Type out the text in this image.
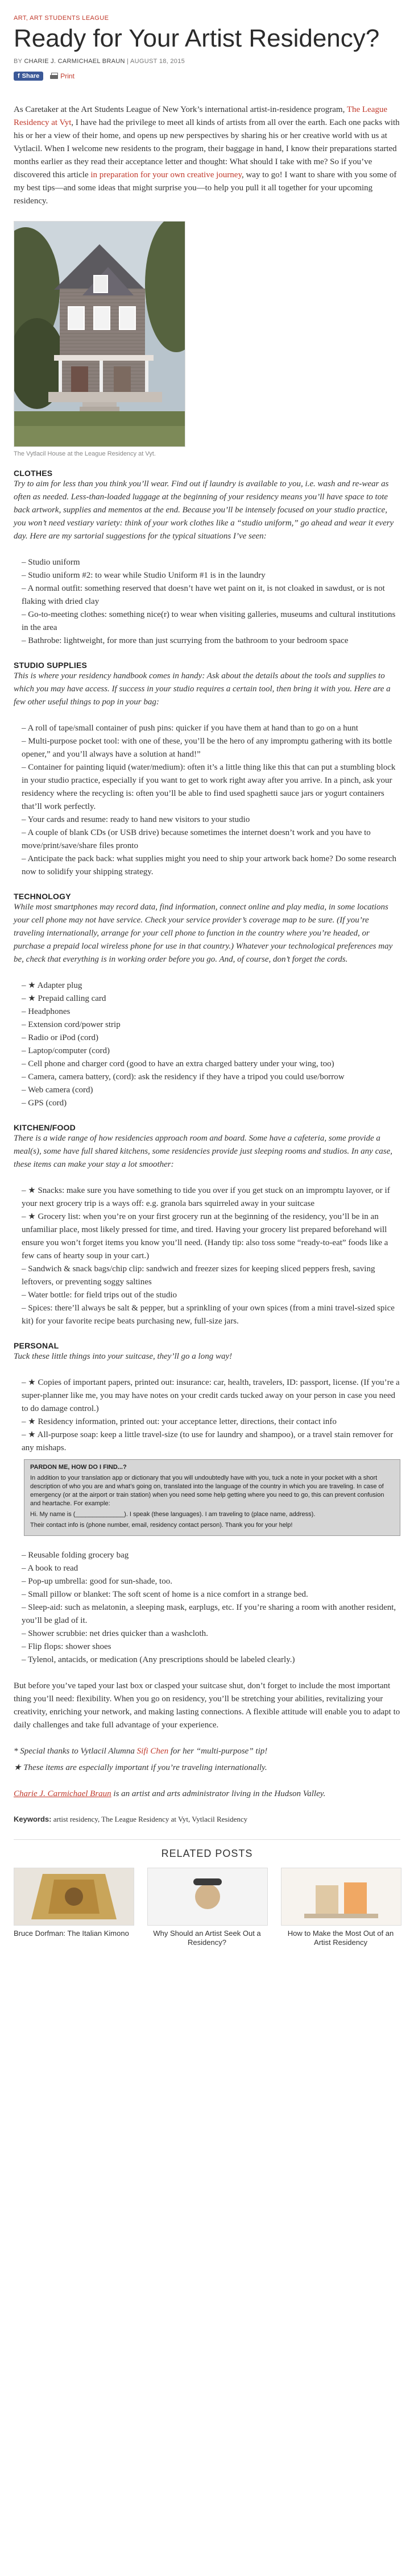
ART, ART STUDENTS LEAGUE
Ready for Your Artist Residency?
BY CHARIE J. CARMICHAEL BRAUN | AUGUST 18, 2015
f Share	Print

As Caretaker at the Art Students League of New York’s international artist-in-residence program, The League Residency at Vyt, I have had the privilege to meet all kinds of artists from all over the earth. Each one packs with his or her a view of their home, and opens up new perspectives by sharing his or her creative world with us at Vytlacil. When I welcome new residents to the program, their baggage in hand, I know their preparations started months earlier as they read their acceptance letter and thought: What should I take with me? So if you’ve discovered this article in preparation for your own creative journey, way to go! I want to share with you some of my best tips—and some ideas that might surprise you—to help you pull it all together for your upcoming residency.

The Vytlacil House at the League Residency at Vyt.
CLOTHES

Try to aim for less than you think you’ll wear. Find out if laundry is available to you, i.e. wash and re-wear as often as needed. Less-than-loaded luggage at the beginning of your residency means you’ll have space to tote back artwork, supplies and mementos at the end. Because you’ll be intensely focused on your studio practice, you won’t need vestiary variety: think of your work clothes like a “studio uniform,” go ahead and wear it every day. Here are my sartorial suggestions for the typical situations I’ve seen:

– Studio uniform
– Studio uniform #2: to wear while Studio Uniform #1 is in the laundry
– A normal outfit: something reserved that doesn’t have wet paint on it, is not cloaked in sawdust, or is not flaking with dried clay
– Go-to-meeting clothes: something nice(r) to wear when visiting galleries, museums and cultural institutions in the area
– Bathrobe: lightweight, for more than just scurrying from the bathroom to your bedroom space
STUDIO SUPPLIES

This is where your residency handbook comes in handy: Ask about the details about the tools and supplies to which you may have access. If success in your studio requires a certain tool, then bring it with you. Here are a few other useful things to pop in your bag:

– A roll of tape/small container of push pins: quicker if you have them at hand than to go on a hunt
– Multi-purpose pocket tool: with one of these, you’ll be the hero of any impromptu gathering with its bottle opener,” and you’ll always have a solution at hand!”
– Container for painting liquid (water/medium): often it’s a little thing like this that can put a stumbling block in your studio practice, especially if you want to get to work right away after you arrive. In a pinch, ask your residency where the recycling is: often you’ll be able to find used spaghetti sauce jars or yogurt containers that’ll work perfectly.
– Your cards and resume: ready to hand new visitors to your studio
– A couple of blank CDs (or USB drive) because sometimes the internet doesn’t work and you have to move/print/save/share files pronto
– Anticipate the pack back: what supplies might you need to ship your artwork back home? Do some research now to solidify your shipping strategy.
TECHNOLOGY

While most smartphones may record data, find information, connect online and play media, in some locations your cell phone may not have service. Check your service provider’s coverage map to be sure. (If you’re traveling internationally, arrange for your cell phone to function in the country where you’re headed, or purchase a prepaid local wireless phone for use in that country.) Whatever your technological preferences may be, check that everything is in working order before you go. And, of course, don’t forget the cords.

– ★ Adapter plug
– ★ Prepaid calling card
– Headphones
– Extension cord/power strip
– Radio or iPod (cord)
– Laptop/computer (cord)
– Cell phone and charger cord (good to have an extra charged battery under your wing, too)
– Camera, camera battery, (cord): ask the residency if they have a tripod you could use/borrow
– Web camera (cord)
– GPS (cord)
KITCHEN/FOOD

There is a wide range of how residencies approach room and board. Some have a cafeteria, some provide a meal(s), some have full shared kitchens, some residencies provide just sleeping rooms and studios. In any case, these items can make your stay a lot smoother:

– ★ Snacks: make sure you have something to tide you over if you get stuck on an impromptu layover, or if your next grocery trip is a ways off: e.g. granola bars squirreled away in your suitcase
– ★ Grocery list: when you’re on your first grocery run at the beginning of the residency, you’ll be in an unfamiliar place, most likely pressed for time, and tired. Having your grocery list prepared beforehand will ensure you won’t forget items you know you’ll need. (Handy tip: also toss some “ready-to-eat” foods like a few cans of hearty soup in your cart.)
– Sandwich & snack bags/chip clip: sandwich and freezer sizes for keeping sliced peppers fresh, saving leftovers, or preventing soggy saltines
– Water bottle: for field trips out of the studio
– Spices: there’ll always be salt & pepper, but a sprinkling of your own spices (from a mini travel-sized spice kit) for your favorite recipe beats purchasing new, full-size jars.
PERSONAL

Tuck these little things into your suitcase, they’ll go a long way!

– ★ Copies of important papers, printed out: insurance: car, health, travelers, ID: passport, license. (If you’re a super-planner like me, you may have notes on your credit cards tucked away on your person in case you need to do damage control.)
– ★ Residency information, printed out: your acceptance letter, directions, their contact info
– ★ All-purpose soap: keep a little travel-size (to use for laundry and shampoo), or a travel stain remover for any mishaps.
PARDON ME, HOW DO I FIND...?

In addition to your translation app or dictionary that you will undoubtedly have with you, tuck a note in your pocket with a short description of who you are and what’s going on, translated into the language of the country in which you are traveling. In case of emergency (or at the airport or train station) when you need some help getting where you need to go, this can prevent confusion and heartache. For example:

Hi. My name is (______________). I speak (these languages). I am traveling to (place name, address).

Their contact info is (phone number, email, residency contact person). Thank you for your help!

– Reusable folding grocery bag
– A book to read
– Pop-up umbrella: good for sun-shade, too.
– Small pillow or blanket: The soft scent of home is a nice comfort in a strange bed.
– Sleep-aid: such as melatonin, a sleeping mask, earplugs, etc. If you’re sharing a room with another resident, you’ll be glad of it.
– Shower scrubbie: net dries quicker than a washcloth.
– Flip flops: shower shoes
– Tylenol, antacids, or medication (Any prescriptions should be labeled clearly.)

But before you’ve taped your last box or clasped your suitcase shut, don’t forget to include the most important thing you’ll need: flexibility. When you go on residency, you’ll be stretching your abilities, revitalizing your creativity, enriching your network, and making lasting connections. A flexible attitude will enable you to adapt to daily challenges and take full advantage of your experience.

* Special thanks to Vytlacil Alumna Sifi Chen for her “multi-purpose” tip!

★ These items are especially important if you’re traveling internationally.

Charie J. Carmichael Braun is an artist and arts administrator living in the Hudson Valley.

Keywords: artist residency, The League Residency at Vyt, Vytlacil Residency
RELATED POSTS
Bruce Dorfman: The Italian Kimono	Why Should an Artist Seek Out a Residency?
How to Make the Most Out of an Artist Residency
